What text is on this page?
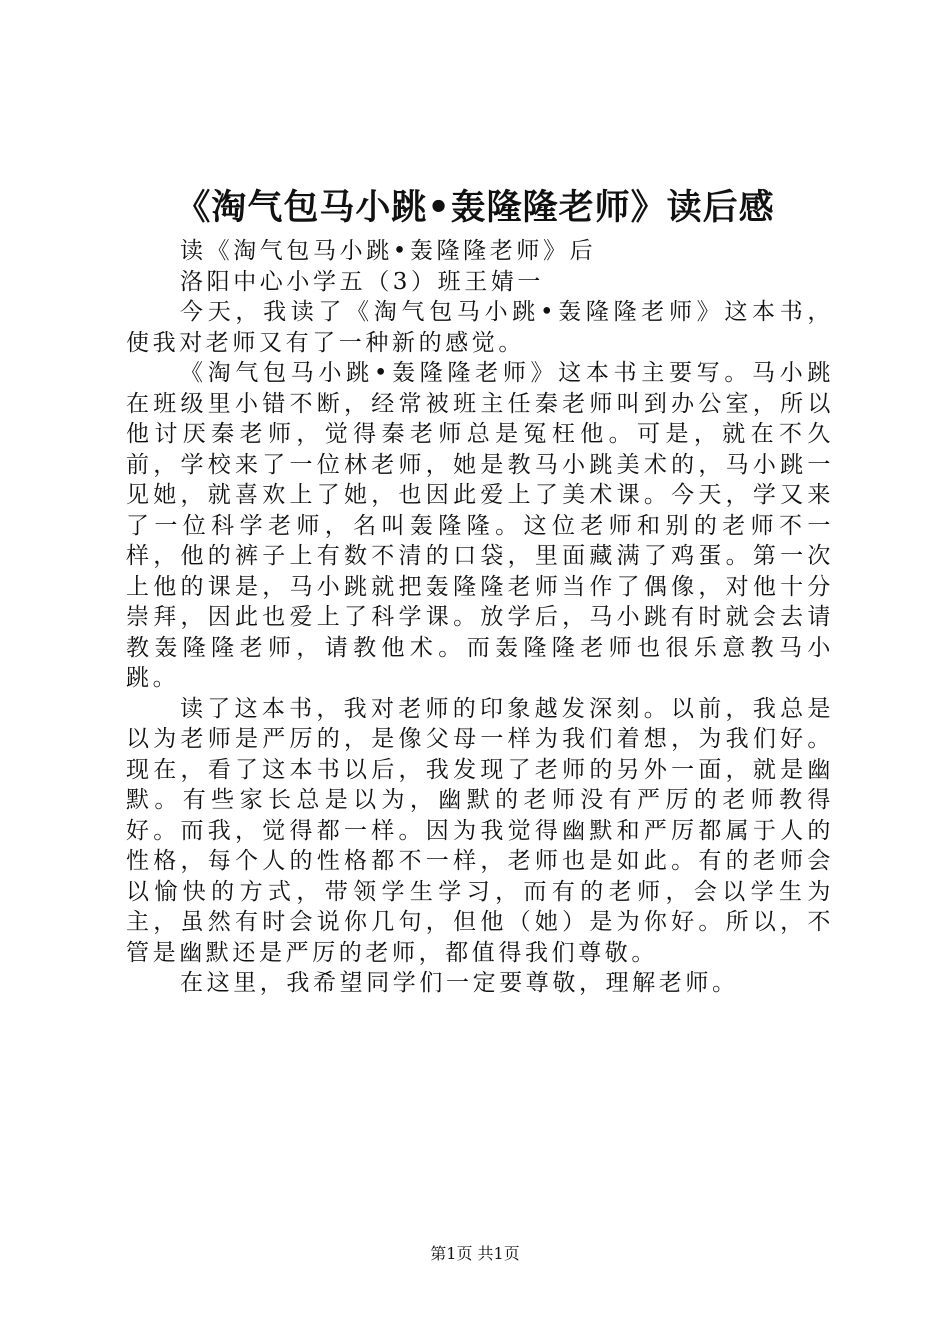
《淘气包马小跳•轰隆隆老师》读后感

读《淘气包马小跳•轰隆隆老师》后

洛阳中心小学五（3）班王婧一

今天，我读了《淘气包马小跳•轰隆隆老师》这本书，使我对老师又有了一种新的感觉。

《淘气包马小跳•轰隆隆老师》这本书主要写。马小跳在班级里小错不断，经常被班主任秦老师叫到办公室，所以他讨厌秦老师，觉得秦老师总是冤枉他。可是，就在不久前，学校来了一位林老师，她是教马小跳美术的，马小跳一见她，就喜欢上了她，也因此爱上了美术课。今天，学又来了一位科学老师，名叫轰隆隆。这位老师和别的老师不一样，他的裤子上有数不清的口袋，里面藏满了鸡蛋。第一次上他的课是，马小跳就把轰隆隆老师当作了偶像，对他十分崇拜，因此也爱上了科学课。放学后，马小跳有时就会去请教轰隆隆老师，请教他术。而轰隆隆老师也很乐意教马小跳。

读了这本书，我对老师的印象越发深刻。以前，我总是以为老师是严厉的，是像父母一样为我们着想，为我们好。现在，看了这本书以后，我发现了老师的另外一面，就是幽默。有些家长总是以为，幽默的老师没有严厉的老师教得好。而我，觉得都一样。因为我觉得幽默和严厉都属于人的性格，每个人的性格都不一样，老师也是如此。有的老师会以愉快的方式，带领学生学习，而有的老师，会以学生为主，虽然有时会说你几句，但他（她）是为你好。所以，不管是幽默还是严厉的老师，都值得我们尊敬。

在这里，我希望同学们一定要尊敬，理解老师。

第1页 共1页
